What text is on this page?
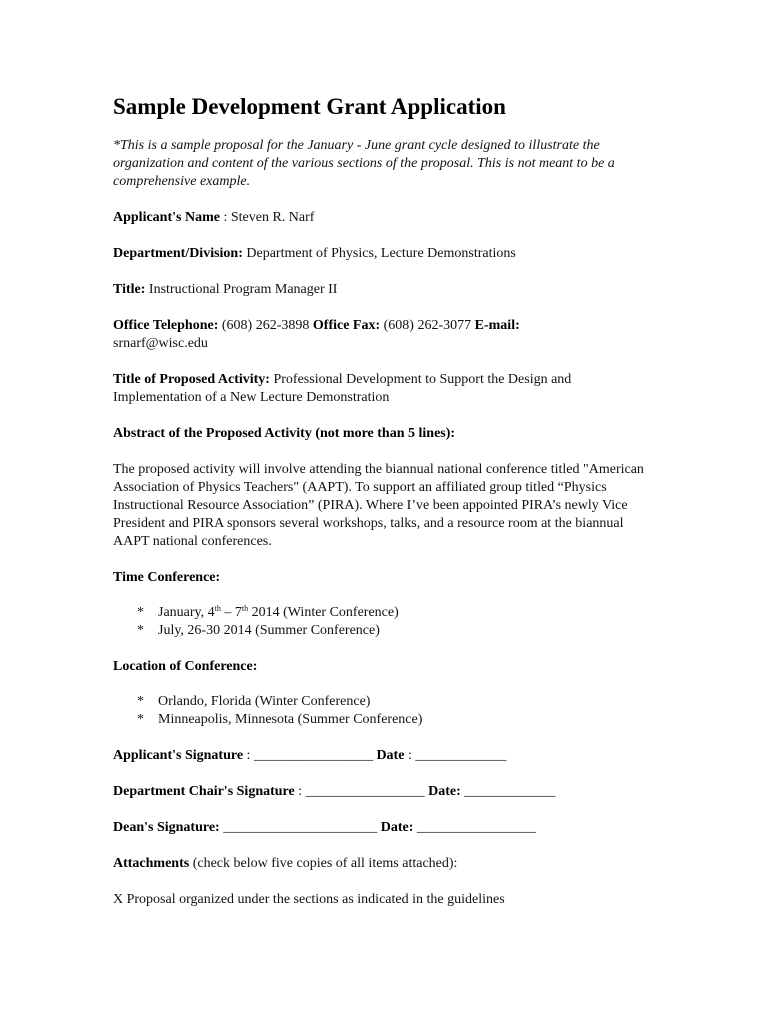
Sample Development Grant Application

*This is a sample proposal for the January - June grant cycle designed to illustrate the organization and content of the various sections of the proposal. This is not meant to be a comprehensive example.

Applicant's Name : Steven R. Narf

Department/Division: Department of Physics, Lecture Demonstrations

Title: Instructional Program Manager II

Office Telephone: (608) 262-3898 Office Fax: (608) 262-3077 E-mail:
srnarf@wisc.edu

Title of Proposed Activity: Professional Development to Support the Design and Implementation of a New Lecture Demonstration

Abstract of the Proposed Activity (not more than 5 lines):

The proposed activity will involve attending the biannual national conference titled "American Association of Physics Teachers" (AAPT). To support an affiliated group titled “Physics Instructional Resource Association” (PIRA). Where I’ve been appointed PIRA’s newly Vice President and PIRA sponsors several workshops, talks, and a resource room at the biannual AAPT national conferences.

Time Conference:

* January, 4th – 7th 2014 (Winter Conference)
* July, 26-30 2014 (Summer Conference)

Location of Conference:

* Orlando, Florida (Winter Conference)
* Minneapolis, Minnesota (Summer Conference)

Applicant's Signature : _________________ Date : _____________

Department Chair's Signature : _________________ Date: _____________

Dean's Signature: ______________________ Date: _________________

Attachments (check below five copies of all items attached):

X Proposal organized under the sections as indicated in the guidelines
